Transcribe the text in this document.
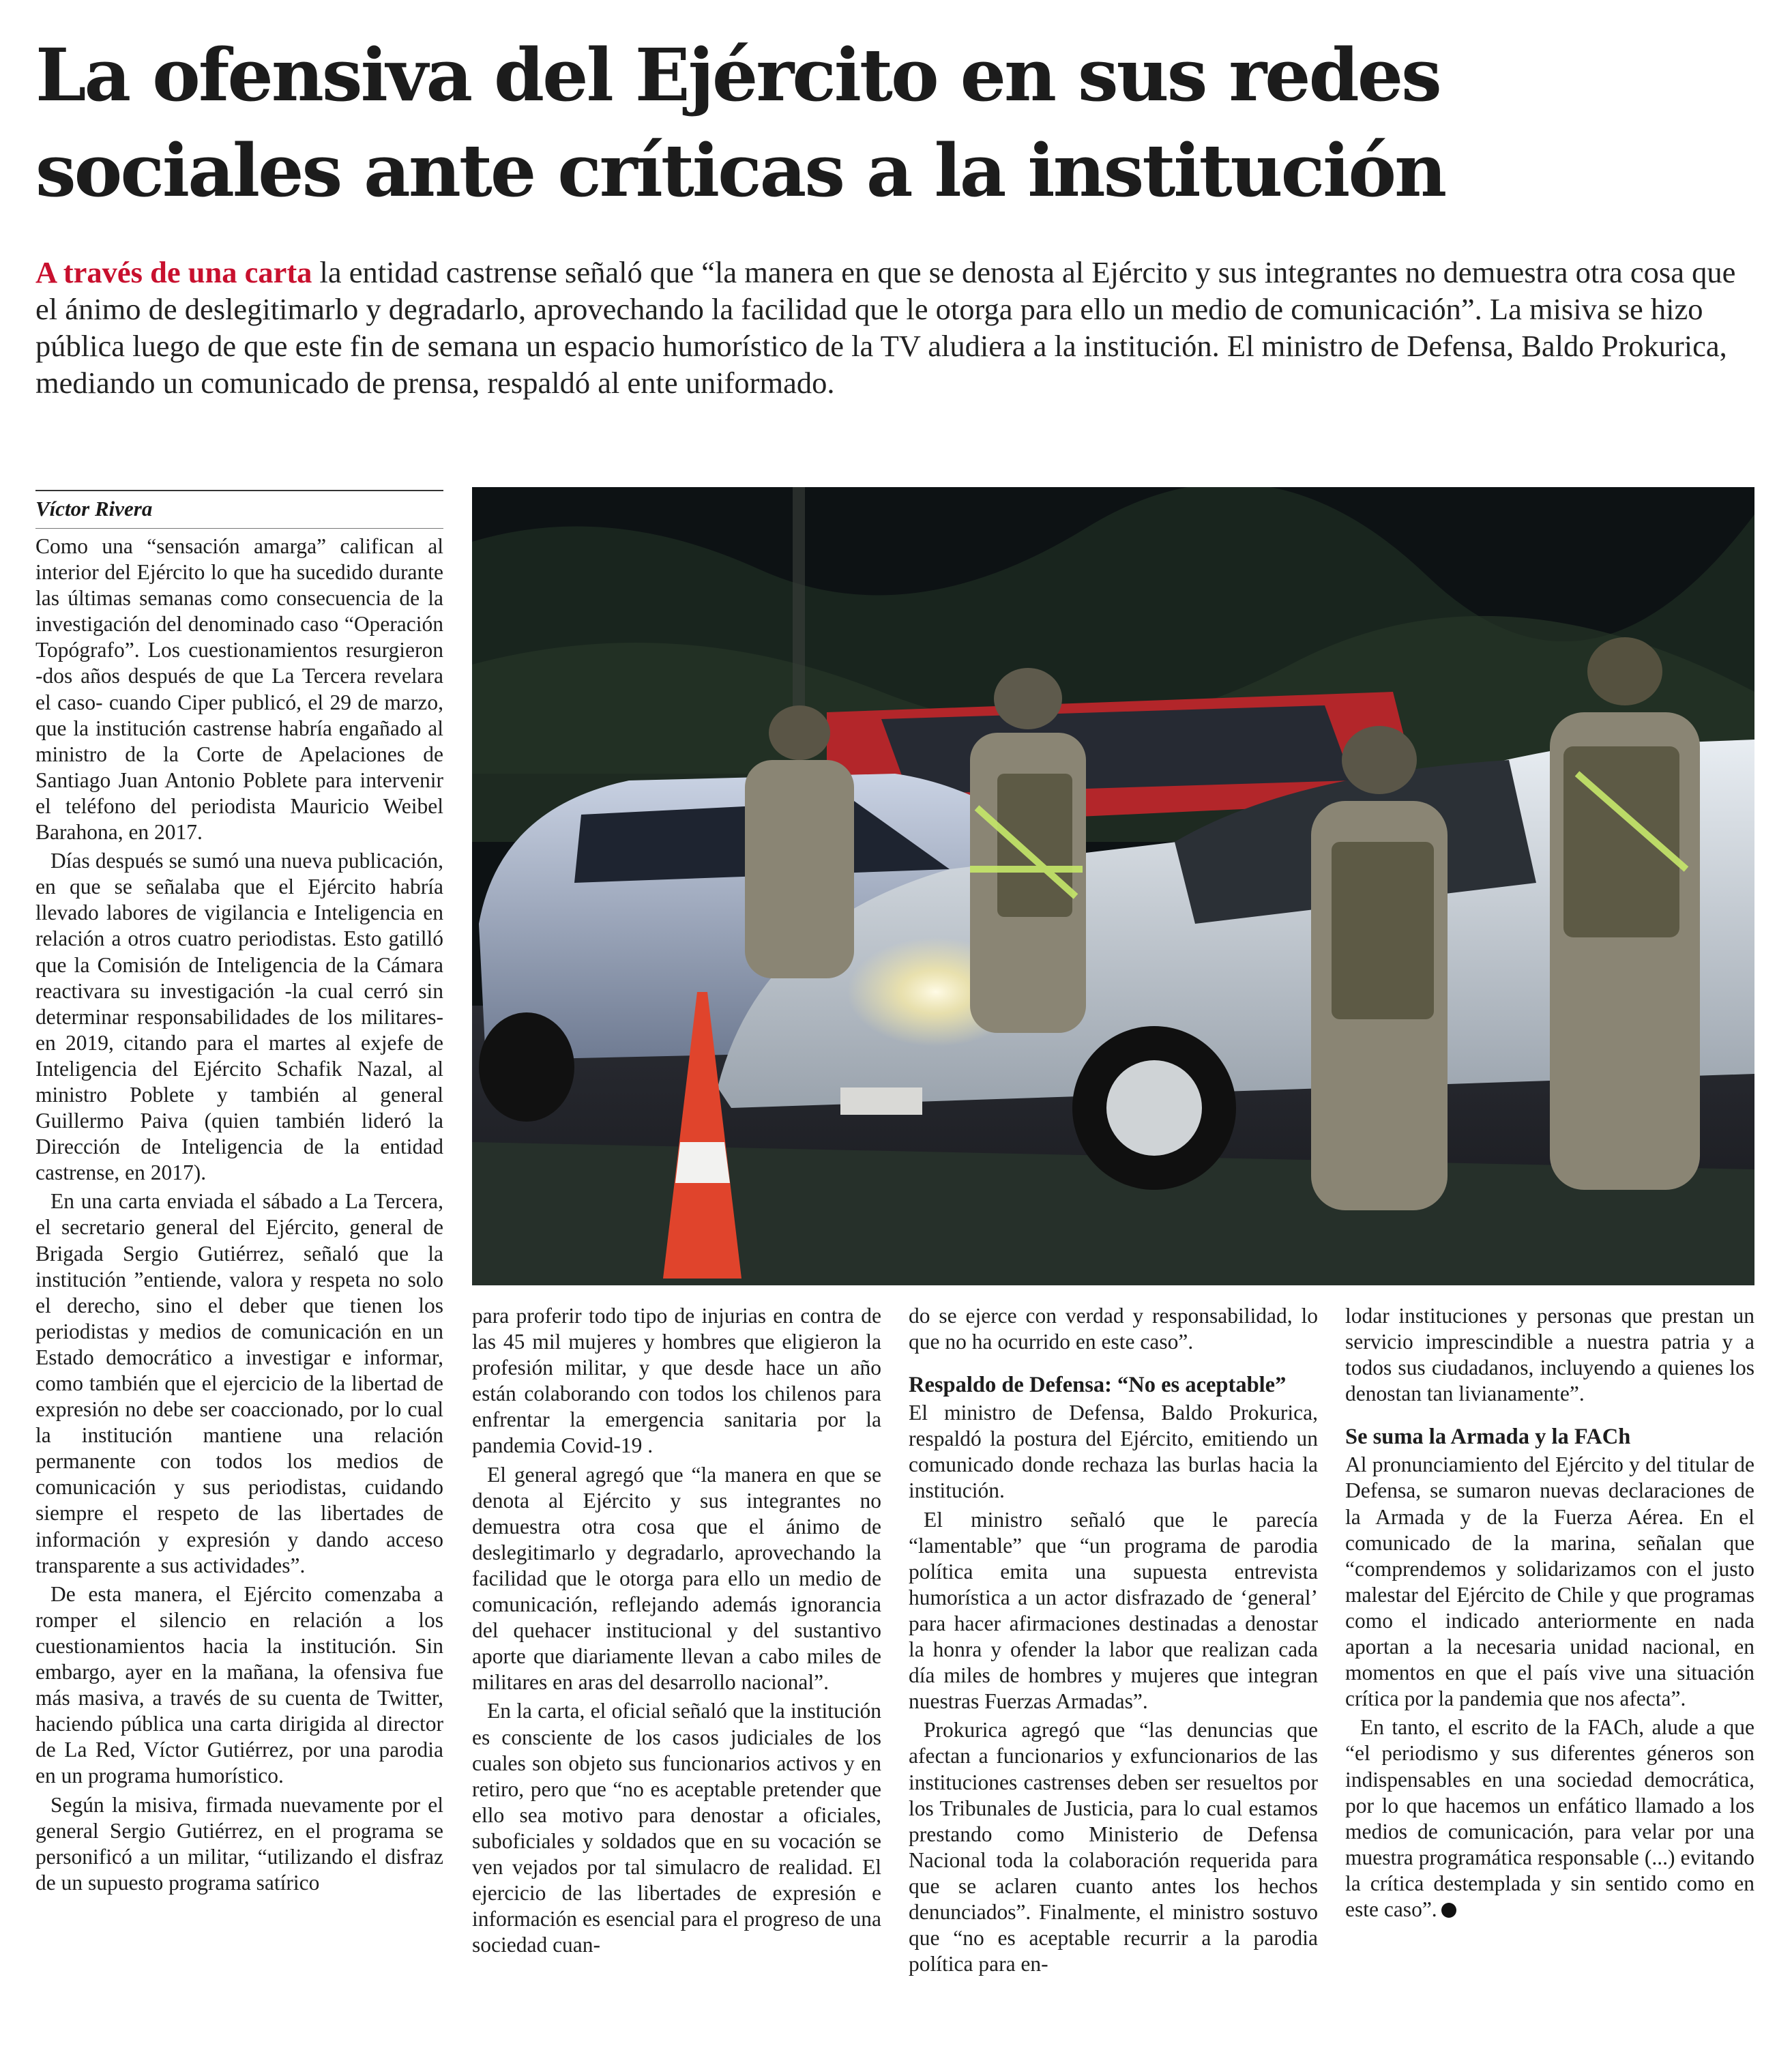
La ofensiva del Ejército en sus redes
sociales ante críticas a la institución

A través de una carta la entidad castrense señaló que “la manera en que se denosta al Ejército y sus integrantes no demuestra otra cosa que el ánimo de deslegitimarlo y degradarlo, aprovechando la facilidad que le otorga para ello un medio de comunicación”. La misiva se hizo pública luego de que este fin de semana un espacio humorístico de la TV aludiera a la institución. El ministro de Defensa, Baldo Prokurica, mediando un comunicado de prensa, respaldó al ente uniformado.

Víctor Rivera

Como una “sensación amarga” califican al interior del Ejército lo que ha sucedido durante las últimas semanas como consecuencia de la investigación del denominado caso “Operación Topógrafo”. Los cuestionamientos resurgieron -dos años después de que La Tercera revelara el caso- cuando Ciper publicó, el 29 de marzo, que la institución castrense habría engañado al ministro de la Corte de Apelaciones de Santiago Juan Antonio Poblete para intervenir el teléfono del periodista Mauricio Weibel Barahona, en 2017.

Días después se sumó una nueva publicación, en que se señalaba que el Ejército habría llevado labores de vigilancia e Inteligencia en relación a otros cuatro periodistas. Esto gatilló que la Comisión de Inteligencia de la Cámara reactivara su investigación -la cual cerró sin determinar responsabilidades de los militares- en 2019, citando para el martes al exjefe de Inteligencia del Ejército Schafik Nazal, al ministro Poblete y también al general Guillermo Paiva (quien también lideró la Dirección de Inteligencia de la entidad castrense, en 2017).

En una carta enviada el sábado a La Tercera, el secretario general del Ejército, general de Brigada Sergio Gutiérrez, señaló que la institución ”entiende, valora y respeta no solo el derecho, sino el deber que tienen los periodistas y medios de comunicación en un Estado democrático a investigar e informar, como también que el ejercicio de la libertad de expresión no debe ser coaccionado, por lo cual la institución mantiene una relación permanente con todos los medios de comunicación y sus periodistas, cuidando siempre el respeto de las libertades de información y expresión y dando acceso transparente a sus actividades”.

De esta manera, el Ejército comenzaba a romper el silencio en relación a los cuestionamientos hacia la institución. Sin embargo, ayer en la mañana, la ofensiva fue más masiva, a través de su cuenta de Twitter, haciendo pública una carta dirigida al director de La Red, Víctor Gutiérrez, por una parodia en un programa humorístico.

Según la misiva, firmada nuevamente por el general Sergio Gutiérrez, en el programa se personificó a un militar, “utilizando el disfraz de un supuesto programa satírico

para proferir todo tipo de injurias en contra de las 45 mil mujeres y hombres que eligieron la profesión militar, y que desde hace un año están colaborando con todos los chilenos para enfrentar la emergencia sanitaria por la pandemia Covid-19 .

El general agregó que “la manera en que se denota al Ejército y sus integrantes no demuestra otra cosa que el ánimo de deslegitimarlo y degradarlo, aprovechando la facilidad que le otorga para ello un medio de comunicación, reflejando además ignorancia del quehacer institucional y del sustantivo aporte que diariamente llevan a cabo miles de militares en aras del desarrollo nacional”.

En la carta, el oficial señaló que la institución es consciente de los casos judiciales de los cuales son objeto sus funcionarios activos y en retiro, pero que “no es aceptable pretender que ello sea motivo para denostar a oficiales, suboficiales y soldados que en su vocación se ven vejados por tal simulacro de realidad. El ejercicio de las libertades de expresión e información es esencial para el progreso de una sociedad cuan-

do se ejerce con verdad y responsabilidad, lo que no ha ocurrido en este caso”.

Respaldo de Defensa: “No es aceptable”

El ministro de Defensa, Baldo Prokurica, respaldó la postura del Ejército, emitiendo un comunicado donde rechaza las burlas hacia la institución.

El ministro señaló que le parecía “lamentable” que “un programa de parodia política emita una supuesta entrevista humorística a un actor disfrazado de ‘general’ para hacer afirmaciones destinadas a denostar la honra y ofender la labor que realizan cada día miles de hombres y mujeres que integran nuestras Fuerzas Armadas”.

Prokurica agregó que “las denuncias que afectan a funcionarios y exfuncionarios de las instituciones castrenses deben ser resueltos por los Tribunales de Justicia, para lo cual estamos prestando como Ministerio de Defensa Nacional toda la colaboración requerida para que se aclaren cuanto antes los hechos denunciados”. Finalmente, el ministro sostuvo que “no es aceptable recurrir a la parodia política para en-

lodar instituciones y personas que prestan un servicio imprescindible a nuestra patria y a todos sus ciudadanos, incluyendo a quienes los denostan tan livianamente”.

Se suma la Armada y la FACh

Al pronunciamiento del Ejército y del titular de Defensa, se sumaron nuevas declaraciones de la Armada y de la Fuerza Aérea. En el comunicado de la marina, señalan que “comprendemos y solidarizamos con el justo malestar del Ejército de Chile y que programas como el indicado anteriormente en nada aportan a la necesaria unidad nacional, en momentos en que el país vive una situación crítica por la pandemia que nos afecta”.

En tanto, el escrito de la FACh, alude a que “el periodismo y sus diferentes géneros son indispensables en una sociedad democrática, por lo que hacemos un enfático llamado a los medios de comunicación, para velar por una muestra programática responsable (...) evitando la crítica destemplada y sin sentido como en este caso”.
